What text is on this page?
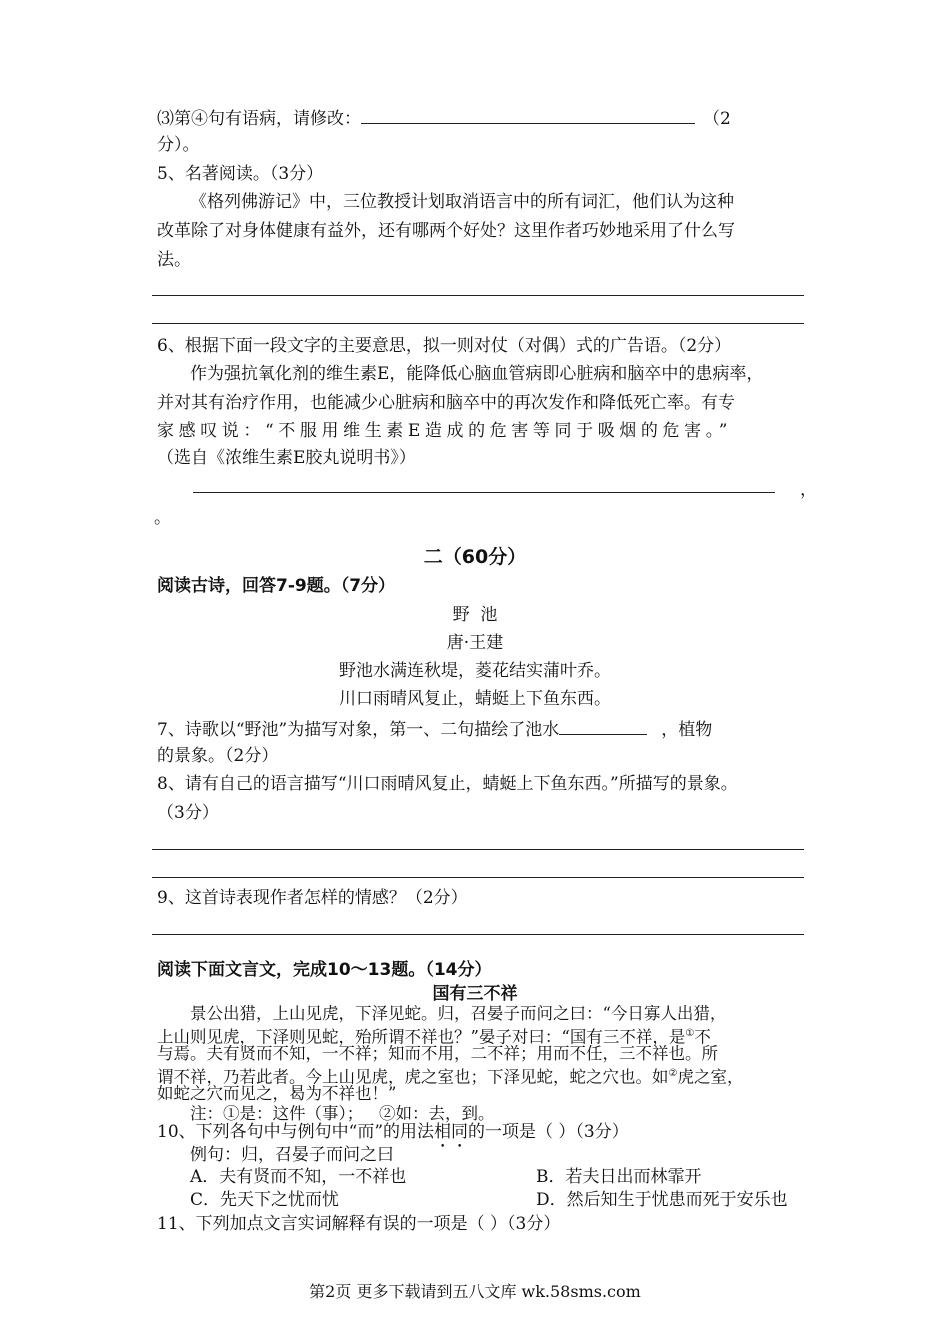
⑶第④句有语病，请修改：	（2
分）。
5、名著阅读。（3分）
《格列佛游记》中，三位教授计划取消语言中的所有词汇，他们认为这种
改革除了对身体健康有益外，还有哪两个好处？这里作者巧妙地采用了什么写
法。
6、根据下面一段文字的主要意思，拟一则对仗（对偶）式的广告语。（2分）
作为强抗氧化剂的维生素E，能降低心脑血管病即心脏病和脑卒中的患病率，
并对其有治疗作用，也能减少心脏病和脑卒中的再次发作和降低死亡率。有专
家感叹说：“不服用维生素E造成的危害等同于吸烟的危害。”
（选自《浓维生素E胶丸说明书》）
，
。
二（60分）
阅读古诗，回答7-9题。（7分）
野  池
唐·王建
野池水满连秋堤，菱花结实蒲叶乔。
川口雨晴风复止，蜻蜓上下鱼东西。
7、诗歌以“野池”为描写对象，第一、二句描绘了池水	，植物
的景象。（2分）
8、请有自己的语言描写“川口雨晴风复止，蜻蜓上下鱼东西。”所描写的景象。
（3分）
9、这首诗表现作者怎样的情感？（2分）
阅读下面文言文，完成10～13题。（14分）
国有三不祥
景公出猎，上山见虎，下泽见蛇。归，召晏子而问之曰：“今日寡人出猎，
上山则见虎，下泽则见蛇，殆所谓不祥也？”晏子对曰：“国有三不祥，是①不
与焉。夫有贤而不知，一不祥；知而不用，二不祥；用而不任，三不祥也。所
谓不祥，乃若此者。今上山见虎，虎之室也；下泽见蛇，蛇之穴也。如②虎之室，
如蛇之穴而见之，曷为不祥也！”
注：①是：这件（事）；   ②如：去，到。
10、下列各句中与例句中“而”的用法相同的一项是（ ）（3分）
例句：归，召晏子而问之曰
A．夫有贤而不知，一不祥也	B．若夫日出而林霏开
C．先天下之忧而忧	D．然后知生于忧患而死于安乐也
11、下列加点文言实词解释有误的一项是（ ）（3分）
第2页 更多下载请到五八文库 wk.58sms.com
